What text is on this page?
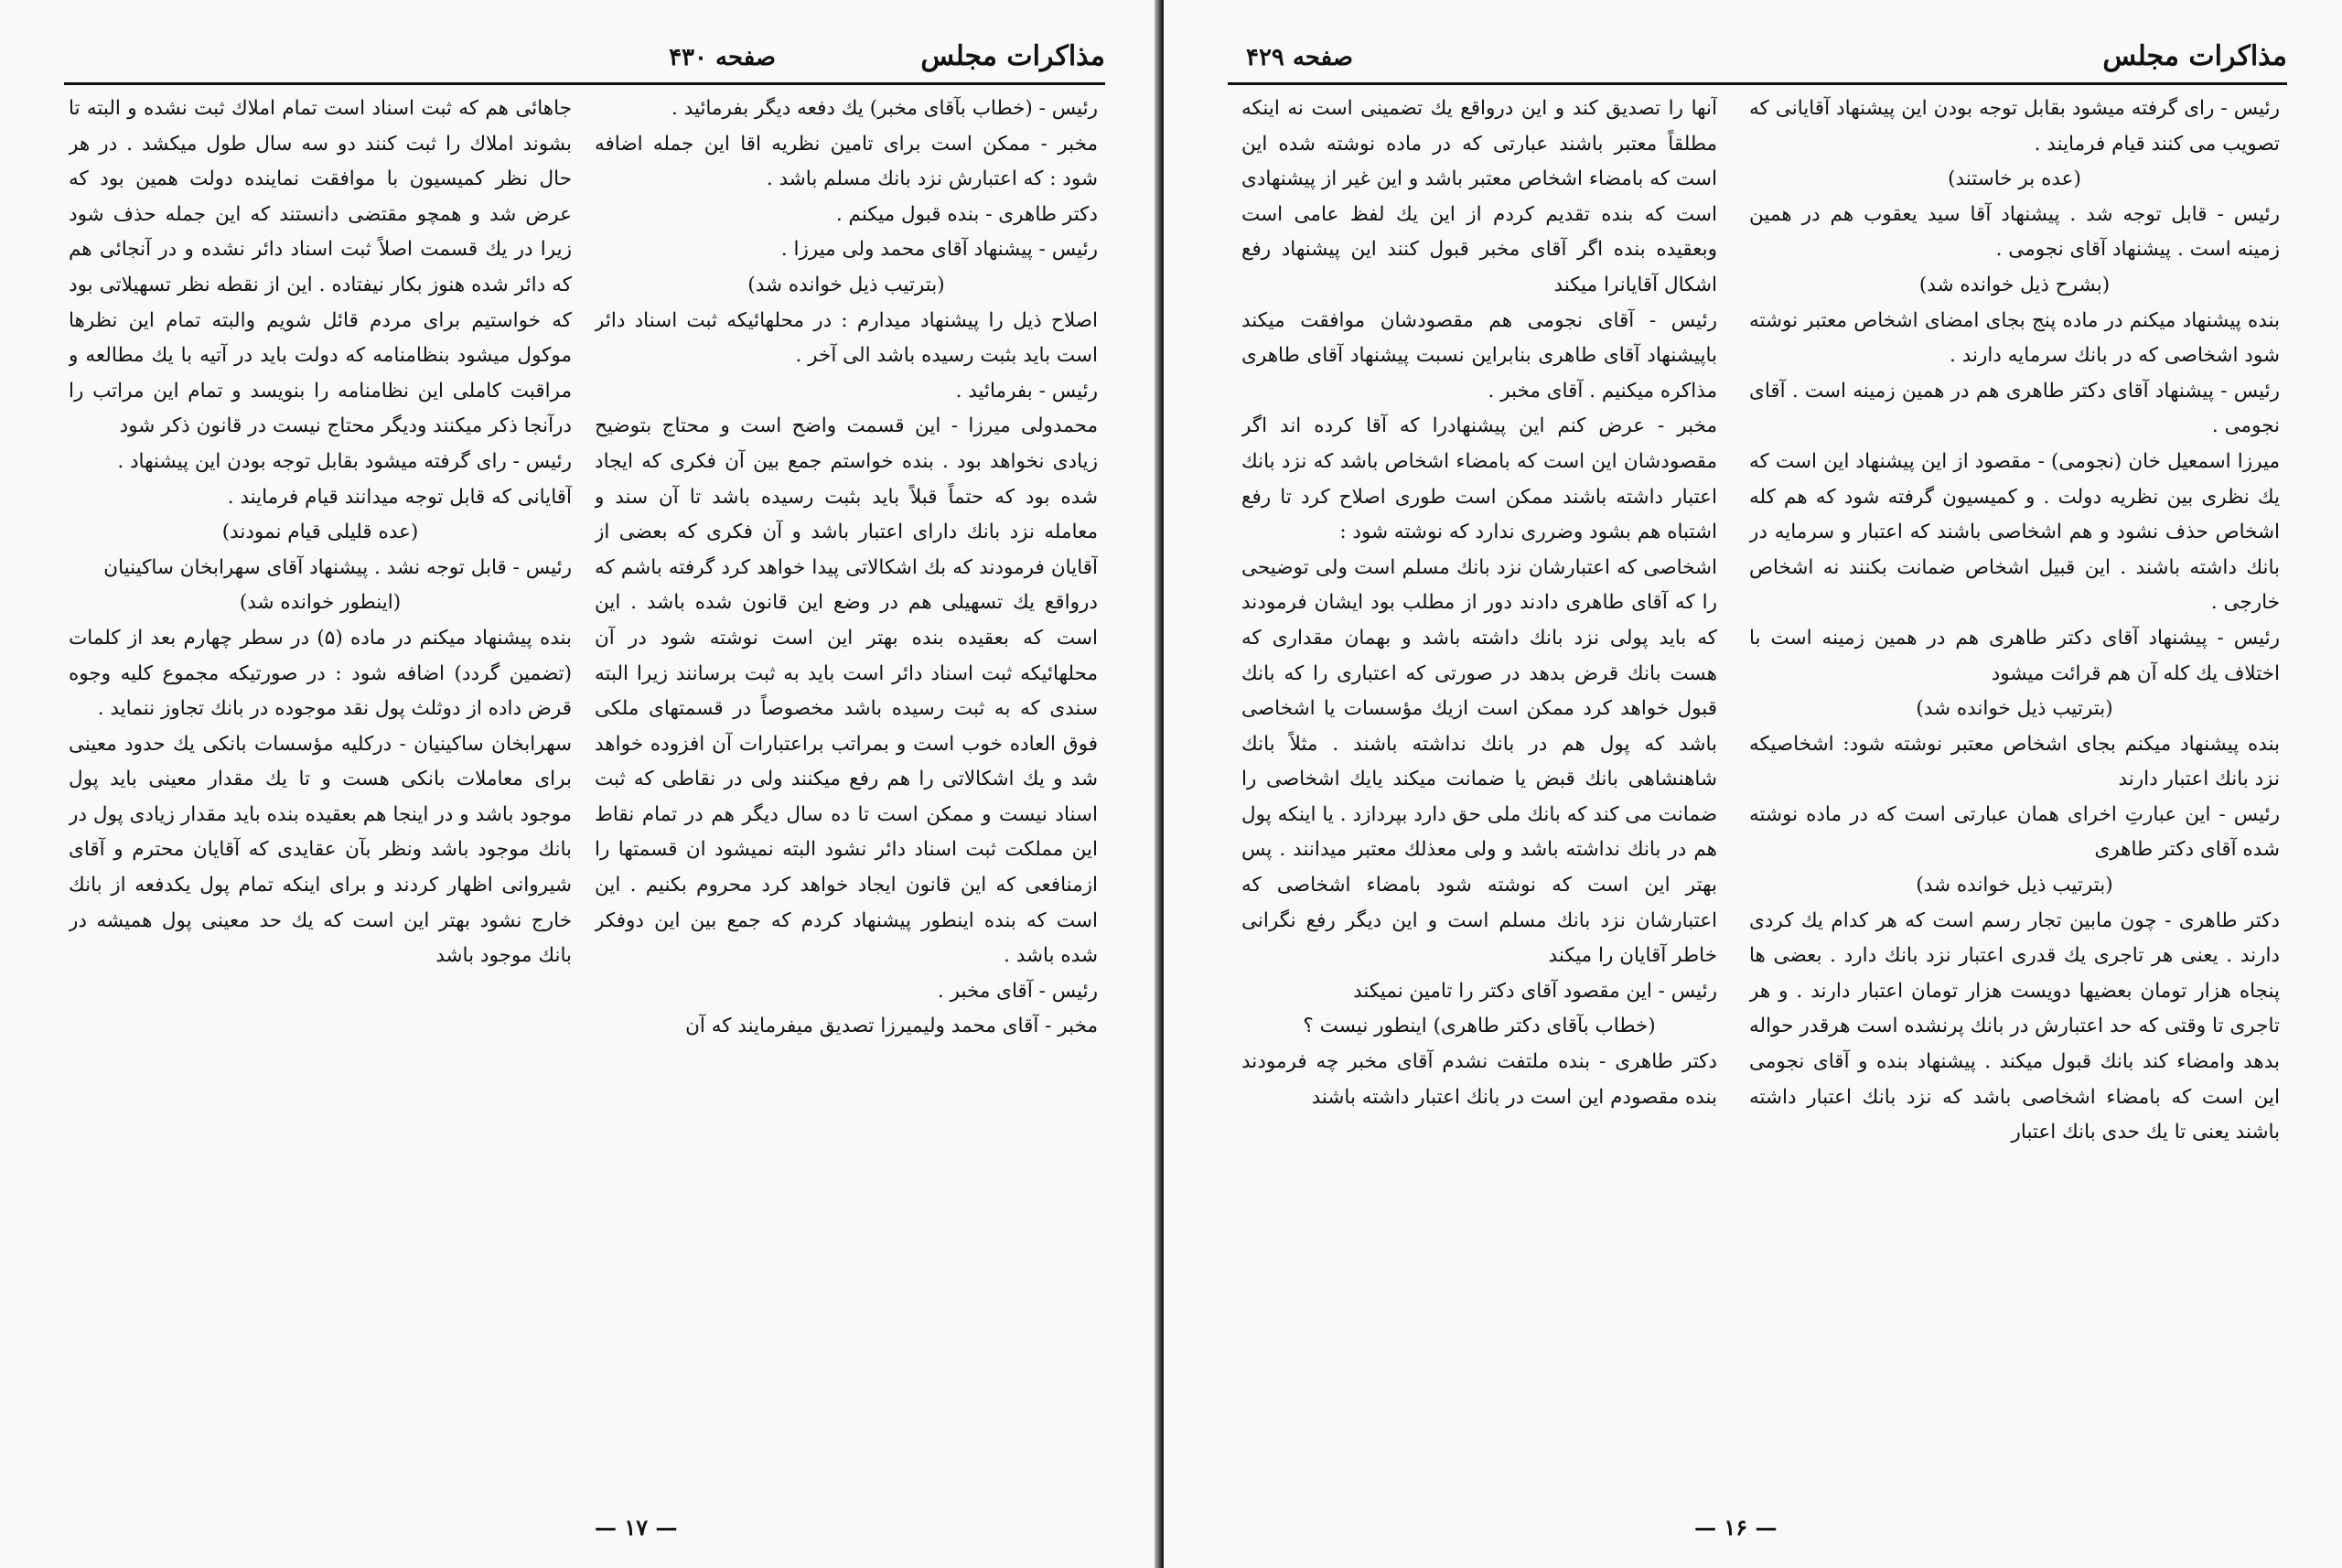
مذاکرات مجلس
صفحه ۴۳۰

رئیس - (خطاب بآقای مخبر) یك دفعه دیگر بفرمائید .

مخبر - ممکن است برای تامین نظریه اقا این جمله اضافه شود : که اعتبارش نزد بانك مسلم باشد .

دکتر طاهری - بنده قبول میکنم .

رئیس - پیشنهاد آقای محمد ولی میرزا .

(بترتیب ذیل خوانده شد)

اصلاح ذیل را پیشنهاد میدارم : در محلهائیکه ثبت اسناد دائر است باید بثبت رسیده باشد الی آخر .

رئیس - بفرمائید .

محمدولی میرزا - این قسمت واضح است و محتاج بتوضیح زیادی نخواهد بود . بنده خواستم جمع بین آن فکری که ایجاد شده بود که حتماً قبلاً باید بثبت رسیده باشد تا آن سند و معامله نزد بانك دارای اعتبار باشد و آن فکری که بعضی از آقایان فرمودند که بك اشکالاتی پیدا خواهد کرد گرفته باشم که درواقع یك تسهیلی هم در وضع این قانون شده باشد . این است که بعقیده بنده بهتر این است نوشته شود در آن محلهائیکه ثبت اسناد دائر است باید به ثبت برسانند زیرا البته سندی که به ثبت رسیده باشد مخصوصاً در قسمتهای ملکی فوق العاده خوب است و بمراتب براعتبارات آن افزوده خواهد شد و یك اشکالاتی را هم رفع میکنند ولی در نقاطی که ثبت اسناد نیست و ممکن است تا ده سال دیگر هم در تمام نقاط این مملکت ثبت اسناد دائر نشود البته نمیشود ان قسمتها را ازمنافعی که این قانون ایجاد خواهد کرد محروم بکنیم . این است که بنده اینطور پیشنهاد کردم که جمع بین این دوفکر شده باشد .

رئیس - آقای مخبر .

مخبر - آقای محمد ولیمیرزا تصدیق میفرمایند که آن

جاهائی هم که ثبت اسناد است تمام املاك ثبت نشده و البته تا بشوند املاك را ثبت کنند دو سه سال طول میکشد . در هر حال نظر کمیسیون با موافقت نماینده دولت همین بود که عرض شد و همچو مقتضی دانستند که این جمله حذف شود زیرا در یك قسمت اصلاً ثبت اسناد دائر نشده و در آنجائی هم که دائر شده هنوز بکار نیفتاده . این از نقطه نظر تسهیلاتی بود که خواستیم برای مردم قائل شویم والبته تمام این نظرها موکول میشود بنظامنامه که دولت باید در آتیه با یك مطالعه و مراقبت کاملی این نظامنامه را بنویسد و تمام این مراتب را درآنجا ذکر میکنند ودیگر محتاج نیست در قانون ذکر شود

رئیس - رای گرفته میشود بقابل توجه بودن این پیشنهاد .

آقایانی که قابل توجه میدانند قیام فرمایند .

(عده قلیلی قیام نمودند)

رئیس - قابل توجه نشد . پیشنهاد آقای سهرابخان ساکینیان

(اینطور خوانده شد)

بنده پیشنهاد میکنم در ماده (۵) در سطر چهارم بعد از کلمات (تضمین گردد) اضافه شود : در صورتیکه مجموع کلیه وجوه قرض داده از دوثلث پول نقد موجوده در بانك تجاوز ننماید .

سهرابخان ساکینیان - درکلیه مؤسسات بانکی یك حدود معینی برای معاملات بانکی هست و تا یك مقدار معینی باید پول موجود باشد و در اینجا هم بعقیده بنده باید مقدار زیادی پول در بانك موجود باشد ونظر بآن عقایدی که آقایان محترم و آقای شیروانی اظهار کردند و برای اینکه تمام پول یکدفعه از بانك خارج نشود بهتر این است که یك حد معینی پول همیشه در بانك موجود باشد

— ۱۷ —
مذاکرات مجلس
صفحه ۴۲۹

رئیس - رای گرفته میشود بقابل توجه بودن این پیشنهاد آقایانی که تصویب می کنند قیام فرمایند .

(عده بر خاستند)

رئیس - قابل توجه شد . پیشنهاد آقا سید یعقوب هم در همین زمینه است . پیشنهاد آقای نجومی .

(بشرح ذیل خوانده شد)

بنده پیشنهاد میکنم در ماده پنج بجای امضای اشخاص معتبر نوشته شود اشخاصی که در بانك سرمایه دارند .

رئیس - پیشنهاد آقای دکتر طاهری هم در همین زمینه است . آقای نجومی .

میرزا اسمعیل خان (نجومی) - مقصود از این پیشنهاد این است که یك نظری بین نظریه دولت . و کمیسیون گرفته شود که هم کله اشخاص حذف نشود و هم اشخاصی باشند که اعتبار و سرمایه در بانك داشته باشند . این قبیل اشخاص ضمانت بکنند نه اشخاص خارجی .

رئیس - پیشنهاد آقای دکتر طاهری هم در همین زمینه است با اختلاف یك کله آن هم قرائت میشود

(بترتیب ذیل خوانده شد)

بنده پیشنهاد میکنم بجای اشخاص معتبر نوشته شود: اشخاصیکه نزد بانك اعتبار دارند

رئیس - این عبارتِ اخرای همان عبارتی است که در ماده نوشته شده آقای دکتر طاهری

(بترتیب ذیل خوانده شد)

دکتر طاهری - چون مابین تجار رسم است که هر کدام یك کردی دارند . یعنی هر تاجری یك قدری اعتبار نزد بانك دارد . بعضی ها پنجاه هزار تومان بعضیها دویست هزار تومان اعتبار دارند . و هر تاجری تا وقتی که حد اعتبارش در بانك پرنشده است هرقدر حواله بدهد وامضاء کند بانك قبول میکند . پیشنهاد بنده و آقای نجومی این است که بامضاء اشخاصی باشد که نزد بانك اعتبار داشته باشند یعنی تا یك حدی بانك اعتبار

آنها را تصدیق کند و این درواقع یك تضمینی است نه اینکه مطلقاً معتبر باشند عبارتی که در ماده نوشته شده این است که بامضاء اشخاص معتبر باشد و این غیر از پیشنهادی است که بنده تقدیم کردم از این یك لفظ عامی است وبعقیده بنده اگر آقای مخبر قبول کنند این پیشنهاد رفع اشکال آقایانرا میکند

رئیس - آقای نجومی هم مقصودشان موافقت میکند باپیشنهاد آقای طاهری بنابراین نسبت پیشنهاد آقای طاهری مذاکره میکنیم . آقای مخبر .

مخبر - عرض کنم این پیشنهادرا که آقا کرده اند اگر مقصودشان این است که بامضاء اشخاص باشد که نزد بانك اعتبار داشته باشند ممکن است طوری اصلاح کرد تا رفع اشتباه هم بشود وضرری ندارد که نوشته شود :

اشخاصی که اعتبارشان نزد بانك مسلم است ولی توضیحی را که آقای طاهری دادند دور از مطلب بود ایشان فرمودند که باید پولی نزد بانك داشته باشد و بهمان مقداری که هست بانك قرض بدهد در صورتی که اعتباری را که بانك قبول خواهد کرد ممکن است ازیك مؤسسات یا اشخاصی باشد که پول هم در بانك نداشته باشند . مثلاً بانك شاهنشاهی بانك قبض یا ضمانت میکند یایك اشخاصی را ضمانت می کند که بانك ملی حق دارد بپردازد . یا اینکه پول هم در بانك نداشته باشد و ولی معذلك معتبر میدانند . پس بهتر این است که نوشته شود بامضاء اشخاصی که اعتبارشان نزد بانك مسلم است و این دیگر رفع نگرانی خاطر آقایان را میکند

رئیس - این مقصود آقای دکتر را تامین نمیکند

(خطاب بآقای دکتر طاهری) اینطور نیست ؟

دکتر طاهری - بنده ملتفت نشدم آقای مخبر چه فرمودند بنده مقصودم این است در بانك اعتبار داشته باشند

— ۱۶ —
